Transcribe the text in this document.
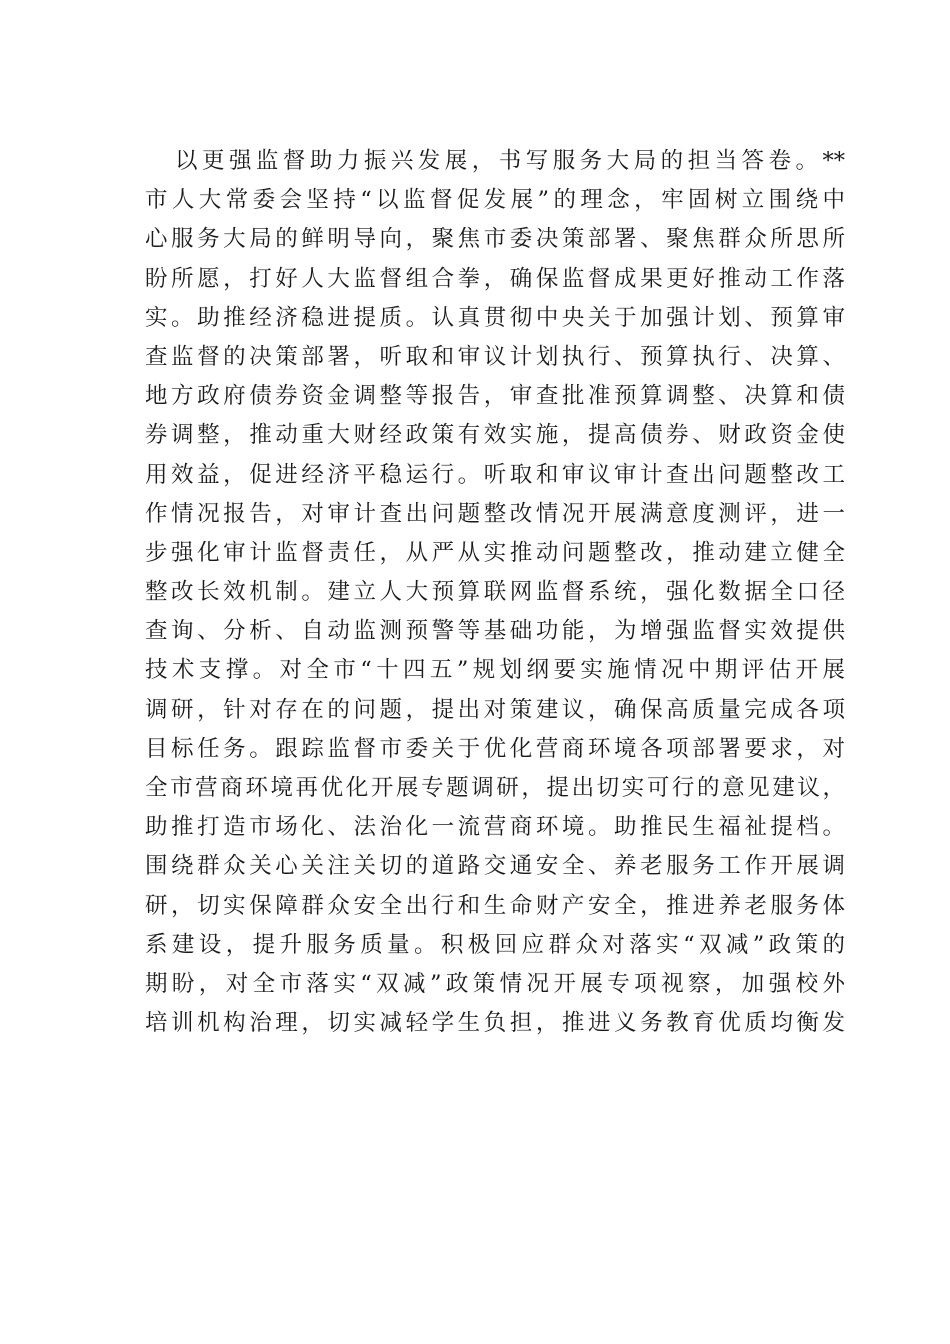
以更强监督助力振兴发展，书写服务大局的担当答卷。**
市人大常委会坚持“以监督促发展”的理念，牢固树立围绕中
心服务大局的鲜明导向，聚焦市委决策部署、聚焦群众所思所
盼所愿，打好人大监督组合拳，确保监督成果更好推动工作落
实。助推经济稳进提质。认真贯彻中央关于加强计划、预算审
查监督的决策部署，听取和审议计划执行、预算执行、决算、
地方政府债券资金调整等报告，审查批准预算调整、决算和债
券调整，推动重大财经政策有效实施，提高债券、财政资金使
用效益，促进经济平稳运行。听取和审议审计查出问题整改工
作情况报告，对审计查出问题整改情况开展满意度测评，进一
步强化审计监督责任，从严从实推动问题整改，推动建立健全
整改长效机制。建立人大预算联网监督系统，强化数据全口径
查询、分析、自动监测预警等基础功能，为增强监督实效提供
技术支撑。对全市“十四五”规划纲要实施情况中期评估开展
调研，针对存在的问题，提出对策建议，确保高质量完成各项
目标任务。跟踪监督市委关于优化营商环境各项部署要求，对
全市营商环境再优化开展专题调研，提出切实可行的意见建议，
助推打造市场化、法治化一流营商环境。助推民生福祉提档。
围绕群众关心关注关切的道路交通安全、养老服务工作开展调
研，切实保障群众安全出行和生命财产安全，推进养老服务体
系建设，提升服务质量。积极回应群众对落实“双减”政策的
期盼，对全市落实“双减”政策情况开展专项视察，加强校外
培训机构治理，切实减轻学生负担，推进义务教育优质均衡发
